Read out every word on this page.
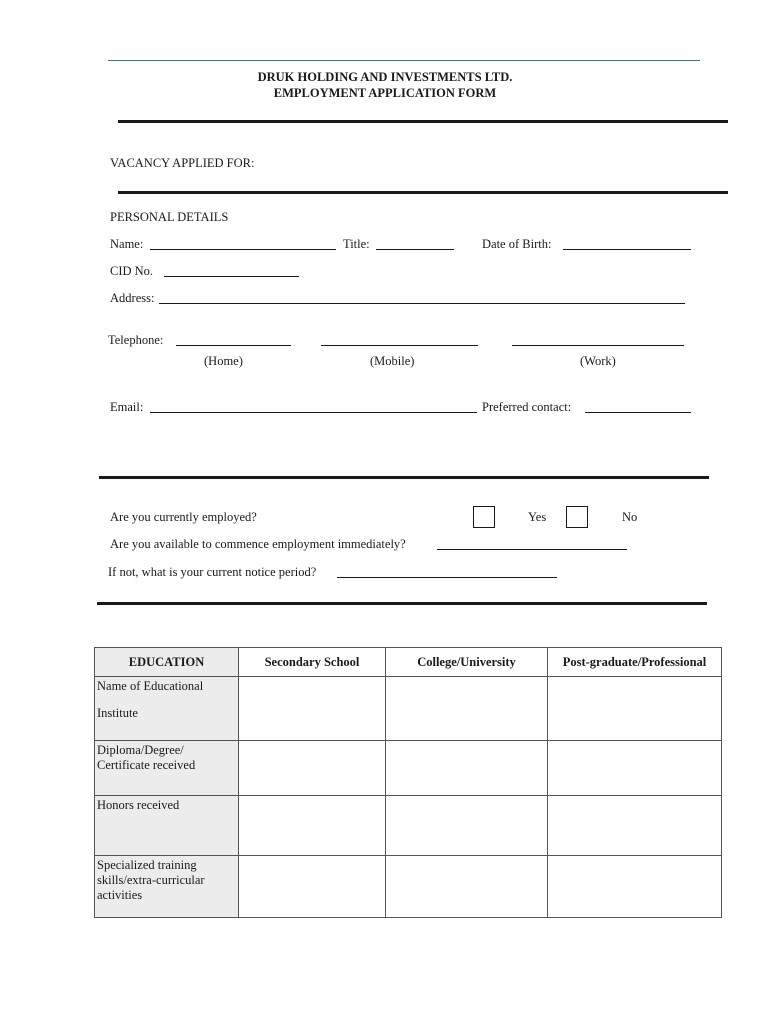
DRUK HOLDING AND INVESTMENTS LTD.
EMPLOYMENT APPLICATION FORM
VACANCY APPLIED FOR:
PERSONAL DETAILS
Name:	Title:	Date of Birth:
CID No.
Address:
Telephone:
(Home)	(Mobile)	(Work)
Email:	Preferred contact:
Are you currently employed?	Yes	No
Are you available to commence employment immediately?
If not, what is your current notice period?
EDUCATION	Secondary School	College/University	Post-graduate/Professional

Name of Educational
Institute			

Diploma/Degree/
Certificate received			

Honors received			

Specialized training
skills/extra-curricular
activities			
